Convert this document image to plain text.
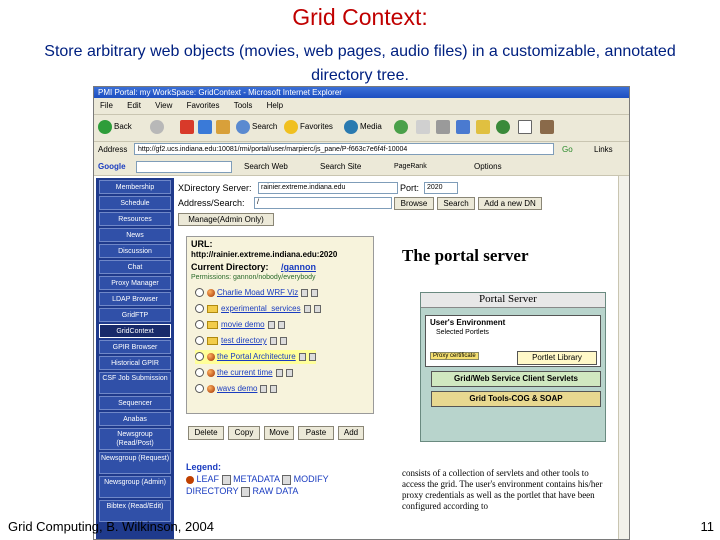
Grid Context:
Store arbitrary web objects (movies, web pages, audio files) in a customizable, annotated directory tree.
PMI Portal: my WorkSpace: GridContext - Microsoft Internet Explorer
File Edit View Favorites Tools Help
Back	Search	Favorites	Media
Address	http://gf2.ucs.indiana.edu:10081/rmi/portal/user/marpierc/js_pane/P-f663c7e6f4f-10004	Go	Links
Google	Search Web	Search Site	PageRank	Options
Membership
Schedule
Resources
News
Discussion
Chat
Proxy Manager
LDAP Browser
GridFTP
GridContext
GPIR Browser
Historical GPIR
CSF Job Submission
Sequencer
Anabas
Newsgroup (Read/Post)
Newsgroup (Request)
Newsgroup (Admin)
Bibtex (Read/Edit)
XDirectory Server:	rainier.extreme.indiana.edu	Port:	2020
Address/Search:	/	Browse	Search	Add a new DN
Manage(Admin Only)
URL:
http://rainier.extreme.indiana.edu:2020
Current Directory: /gannon
Permissions: gannon/nobody/everybody
Charlie Moad WRF Viz
experimental_services
movie demo
test directory
the Portal Architecture
the current time
wavs demo
Delete	Copy	Move	Paste	Add
Legend:
LEAF METADATA MODIFY
DIRECTORY RAW DATA
The portal server
Portal Server
User's Environment
Selected Portlets
Proxy certificate	Portlet Library
Grid/Web Service Client Servlets
Grid Tools-COG & SOAP
consists of a collection of servlets and other tools to access the grid. The user's environment contains his/her proxy credentials as well as the portlet that have been configured according to
Grid Computing, B. Wilkinson, 2004	11
